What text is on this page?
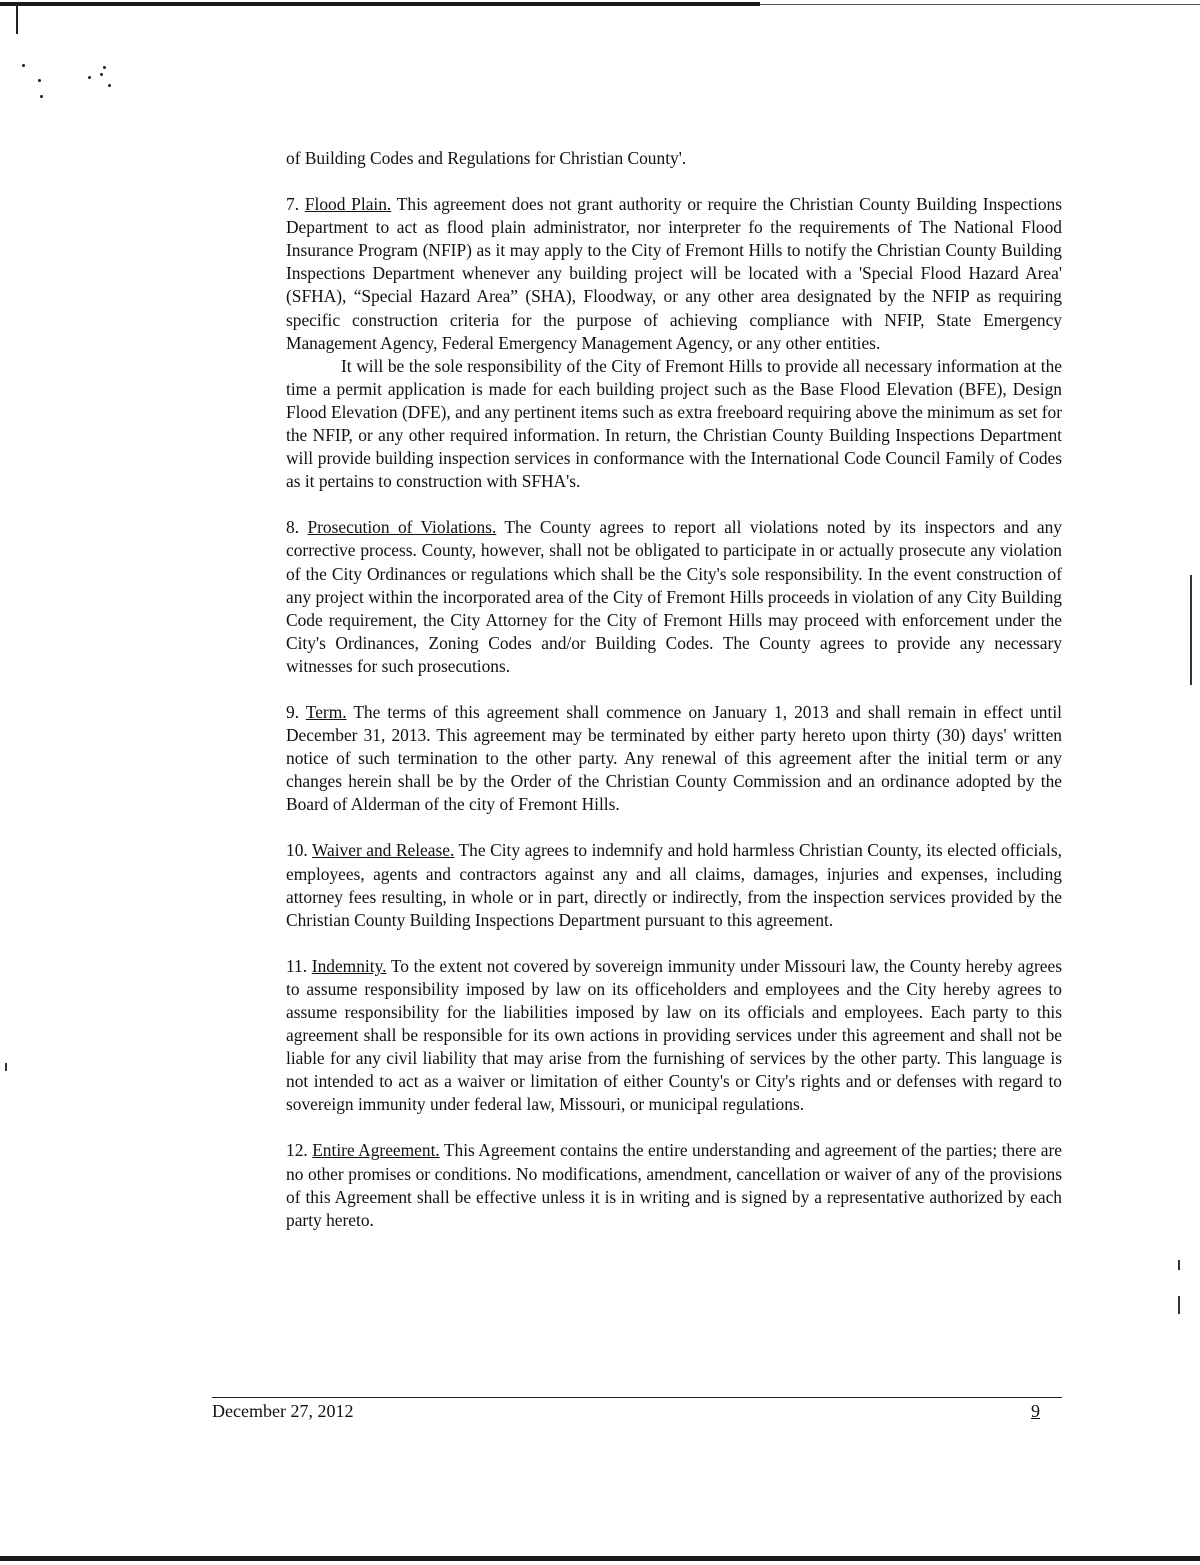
of Building Codes and Regulations for Christian County'.

7. Flood Plain. This agreement does not grant authority or require the Christian County Building Inspections Department to act as flood plain administrator, nor interpreter fo the requirements of The National Flood Insurance Program (NFIP) as it may apply to the City of Fremont Hills to notify the Christian County Building Inspections Department whenever any building project will be located with a 'Special Flood Hazard Area' (SFHA), “Special Hazard Area” (SHA), Floodway, or any other area designated by the NFIP as requiring specific construction criteria for the purpose of achieving compliance with NFIP, State Emergency Management Agency, Federal Emergency Management Agency, or any other entities.

It will be the sole responsibility of the City of Fremont Hills to provide all necessary information at the time a permit application is made for each building project such as the Base Flood Elevation (BFE), Design Flood Elevation (DFE), and any pertinent items such as extra freeboard requiring above the minimum as set for the NFIP, or any other required information. In return, the Christian County Building Inspections Department will provide building inspection services in conformance with the International Code Council Family of Codes as it pertains to construction with SFHA's.

8. Prosecution of Violations. The County agrees to report all violations noted by its inspectors and any corrective process. County, however, shall not be obligated to participate in or actually prosecute any violation of the City Ordinances or regulations which shall be the City's sole responsibility. In the event construction of any project within the incorporated area of the City of Fremont Hills proceeds in violation of any City Building Code requirement, the City Attorney for the City of Fremont Hills may proceed with enforcement under the City's Ordinances, Zoning Codes and/or Building Codes. The County agrees to provide any necessary witnesses for such prosecutions.

9. Term. The terms of this agreement shall commence on January 1, 2013 and shall remain in effect until December 31, 2013. This agreement may be terminated by either party hereto upon thirty (30) days' written notice of such termination to the other party. Any renewal of this agreement after the initial term or any changes herein shall be by the Order of the Christian County Commission and an ordinance adopted by the Board of Alderman of the city of Fremont Hills.

10. Waiver and Release. The City agrees to indemnify and hold harmless Christian County, its elected officials, employees, agents and contractors against any and all claims, damages, injuries and expenses, including attorney fees resulting, in whole or in part, directly or indirectly, from the inspection services provided by the Christian County Building Inspections Department pursuant to this agreement.

11. Indemnity. To the extent not covered by sovereign immunity under Missouri law, the County hereby agrees to assume responsibility imposed by law on its officeholders and employees and the City hereby agrees to assume responsibility for the liabilities imposed by law on its officials and employees. Each party to this agreement shall be responsible for its own actions in providing services under this agreement and shall not be liable for any civil liability that may arise from the furnishing of services by the other party. This language is not intended to act as a waiver or limitation of either County's or City's rights and or defenses with regard to sovereign immunity under federal law, Missouri, or municipal regulations.

12. Entire Agreement. This Agreement contains the entire understanding and agreement of the parties; there are no other promises or conditions. No modifications, amendment, cancellation or waiver of any of the provisions of this Agreement shall be effective unless it is in writing and is signed by a representative authorized by each party hereto.

December 27, 2012	9
